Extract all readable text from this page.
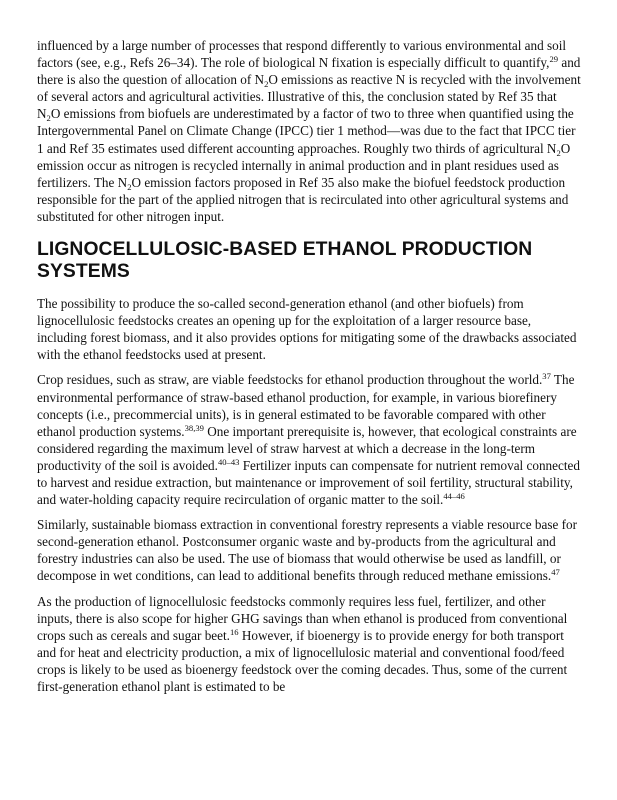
influenced by a large number of processes that respond differently to various environmental and soil factors (see, e.g., Refs 26–34). The role of biological N fixation is especially difficult to quantify,$^{29}$ and there is also the question of allocation of $N_2O$ emissions as reactive N is recycled with the involvement of several actors and agricultural activities. Illustrative of this, the conclusion stated by Ref 35 that $N_2O$ emissions from biofuels are underestimated by a factor of two to three when quantified using the Intergovernmental Panel on Climate Change (IPCC) tier 1 method—was due to the fact that IPCC tier 1 and Ref 35 estimates used different accounting approaches. Roughly two thirds of agricultural $N_2O$ emission occur as nitrogen is recycled internally in animal production and in plant residues used as fertilizers. The $N_2O$ emission factors proposed in Ref 35 also make the biofuel feedstock production responsible for the part of the applied nitrogen that is recirculated into other agricultural systems and substituted for other nitrogen input.

LIGNOCELLULOSIC-BASED ETHANOL PRODUCTION SYSTEMS

The possibility to produce the so-called second-generation ethanol (and other biofuels) from lignocellulosic feedstocks creates an opening up for the exploitation of a larger resource base, including forest biomass, and it also provides options for mitigating some of the drawbacks associated with the ethanol feedstocks used at present.

Crop residues, such as straw, are viable feedstocks for ethanol production throughout the world.$^{37}$ The environmental performance of straw-based ethanol production, for example, in various biorefinery concepts (i.e., precommercial units), is in general estimated to be favorable compared with other ethanol production systems.$^{38,39}$ One important prerequisite is, however, that ecological constraints are considered regarding the maximum level of straw harvest at which a decrease in the long-term productivity of the soil is avoided.$^{40-43}$ Fertilizer inputs can compensate for nutrient removal connected to harvest and residue extraction, but maintenance or improvement of soil fertility, structural stability, and water-holding capacity require recirculation of organic matter to the soil.$^{44-46}$

Similarly, sustainable biomass extraction in conventional forestry represents a viable resource base for second-generation ethanol. Postconsumer organic waste and by-products from the agricultural and forestry industries can also be used. The use of biomass that would otherwise be used as landfill, or decompose in wet conditions, can lead to additional benefits through reduced methane emissions.$^{47}$

As the production of lignocellulosic feedstocks commonly requires less fuel, fertilizer, and other inputs, there is also scope for higher GHG savings than when ethanol is produced from conventional crops such as cereals and sugar beet.$^{16}$ However, if bioenergy is to provide energy for both transport and for heat and electricity production, a mix of lignocellulosic material and conventional food/feed crops is likely to be used as bioenergy feedstock over the coming decades. Thus, some of the current first-generation ethanol plant is estimated to be
